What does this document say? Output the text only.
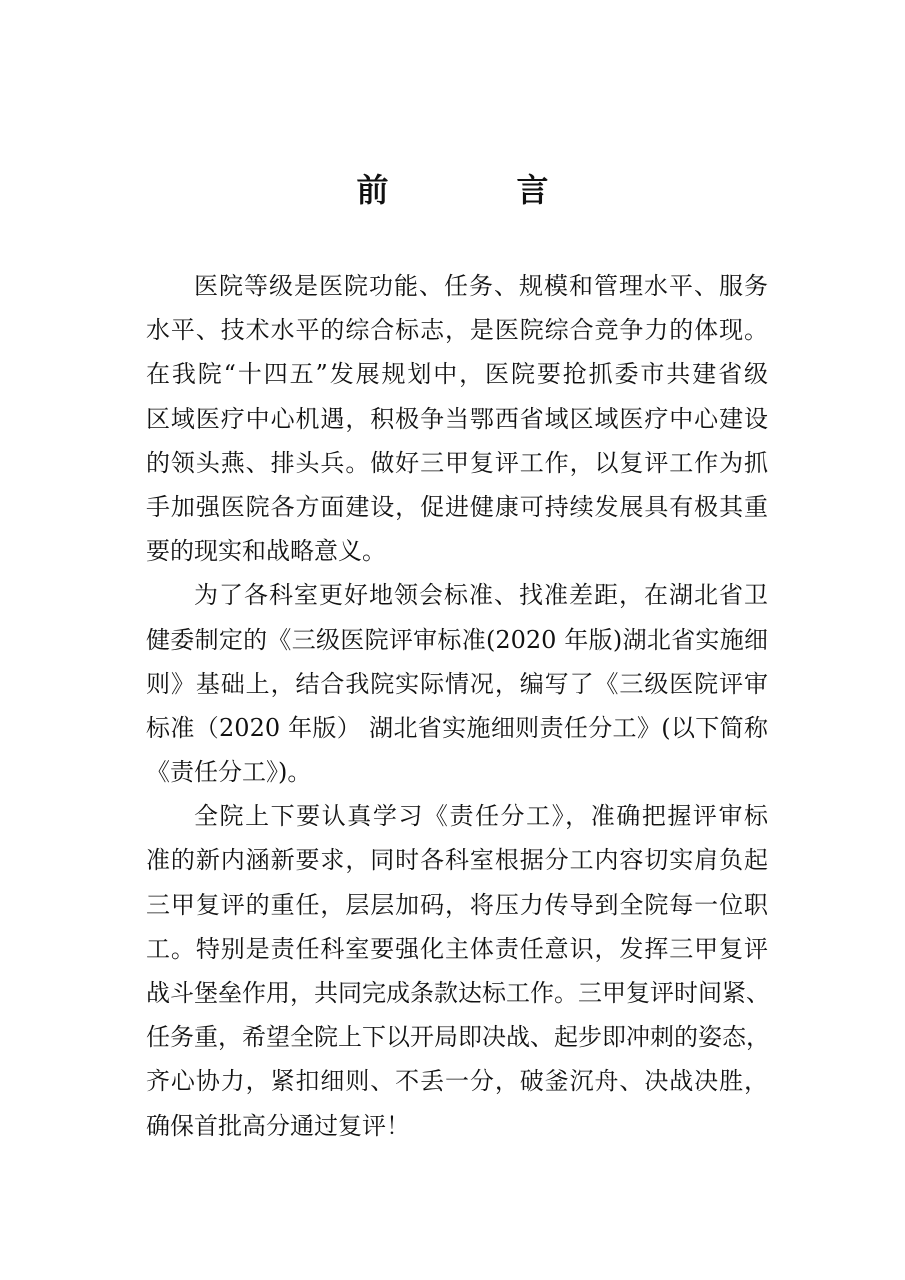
前　言
医院等级是医院功能、任务、规模和管理水平、服务
水平、技术水平的综合标志，是医院综合竞争力的体现。
在我院“十四五”发展规划中，医院要抢抓委市共建省级
区域医疗中心机遇，积极争当鄂西省域区域医疗中心建设
的领头燕、排头兵。做好三甲复评工作，以复评工作为抓
手加强医院各方面建设，促进健康可持续发展具有极其重
要的现实和战略意义。
为了各科室更好地领会标准、找准差距，在湖北省卫
健委制定的《三级医院评审标准(2020 年版)湖北省实施细
则》基础上，结合我院实际情况，编写了《三级医院评审
标准（2020 年版） 湖北省实施细则责任分工》(以下简称
《责任分工》)。
全院上下要认真学习《责任分工》，准确把握评审标
准的新内涵新要求，同时各科室根据分工内容切实肩负起
三甲复评的重任，层层加码，将压力传导到全院每一位职
工。特别是责任科室要强化主体责任意识，发挥三甲复评
战斗堡垒作用，共同完成条款达标工作。三甲复评时间紧、
任务重，希望全院上下以开局即决战、起步即冲刺的姿态，
齐心协力，紧扣细则、不丢一分，破釜沉舟、决战决胜，
确保首批高分通过复评！
